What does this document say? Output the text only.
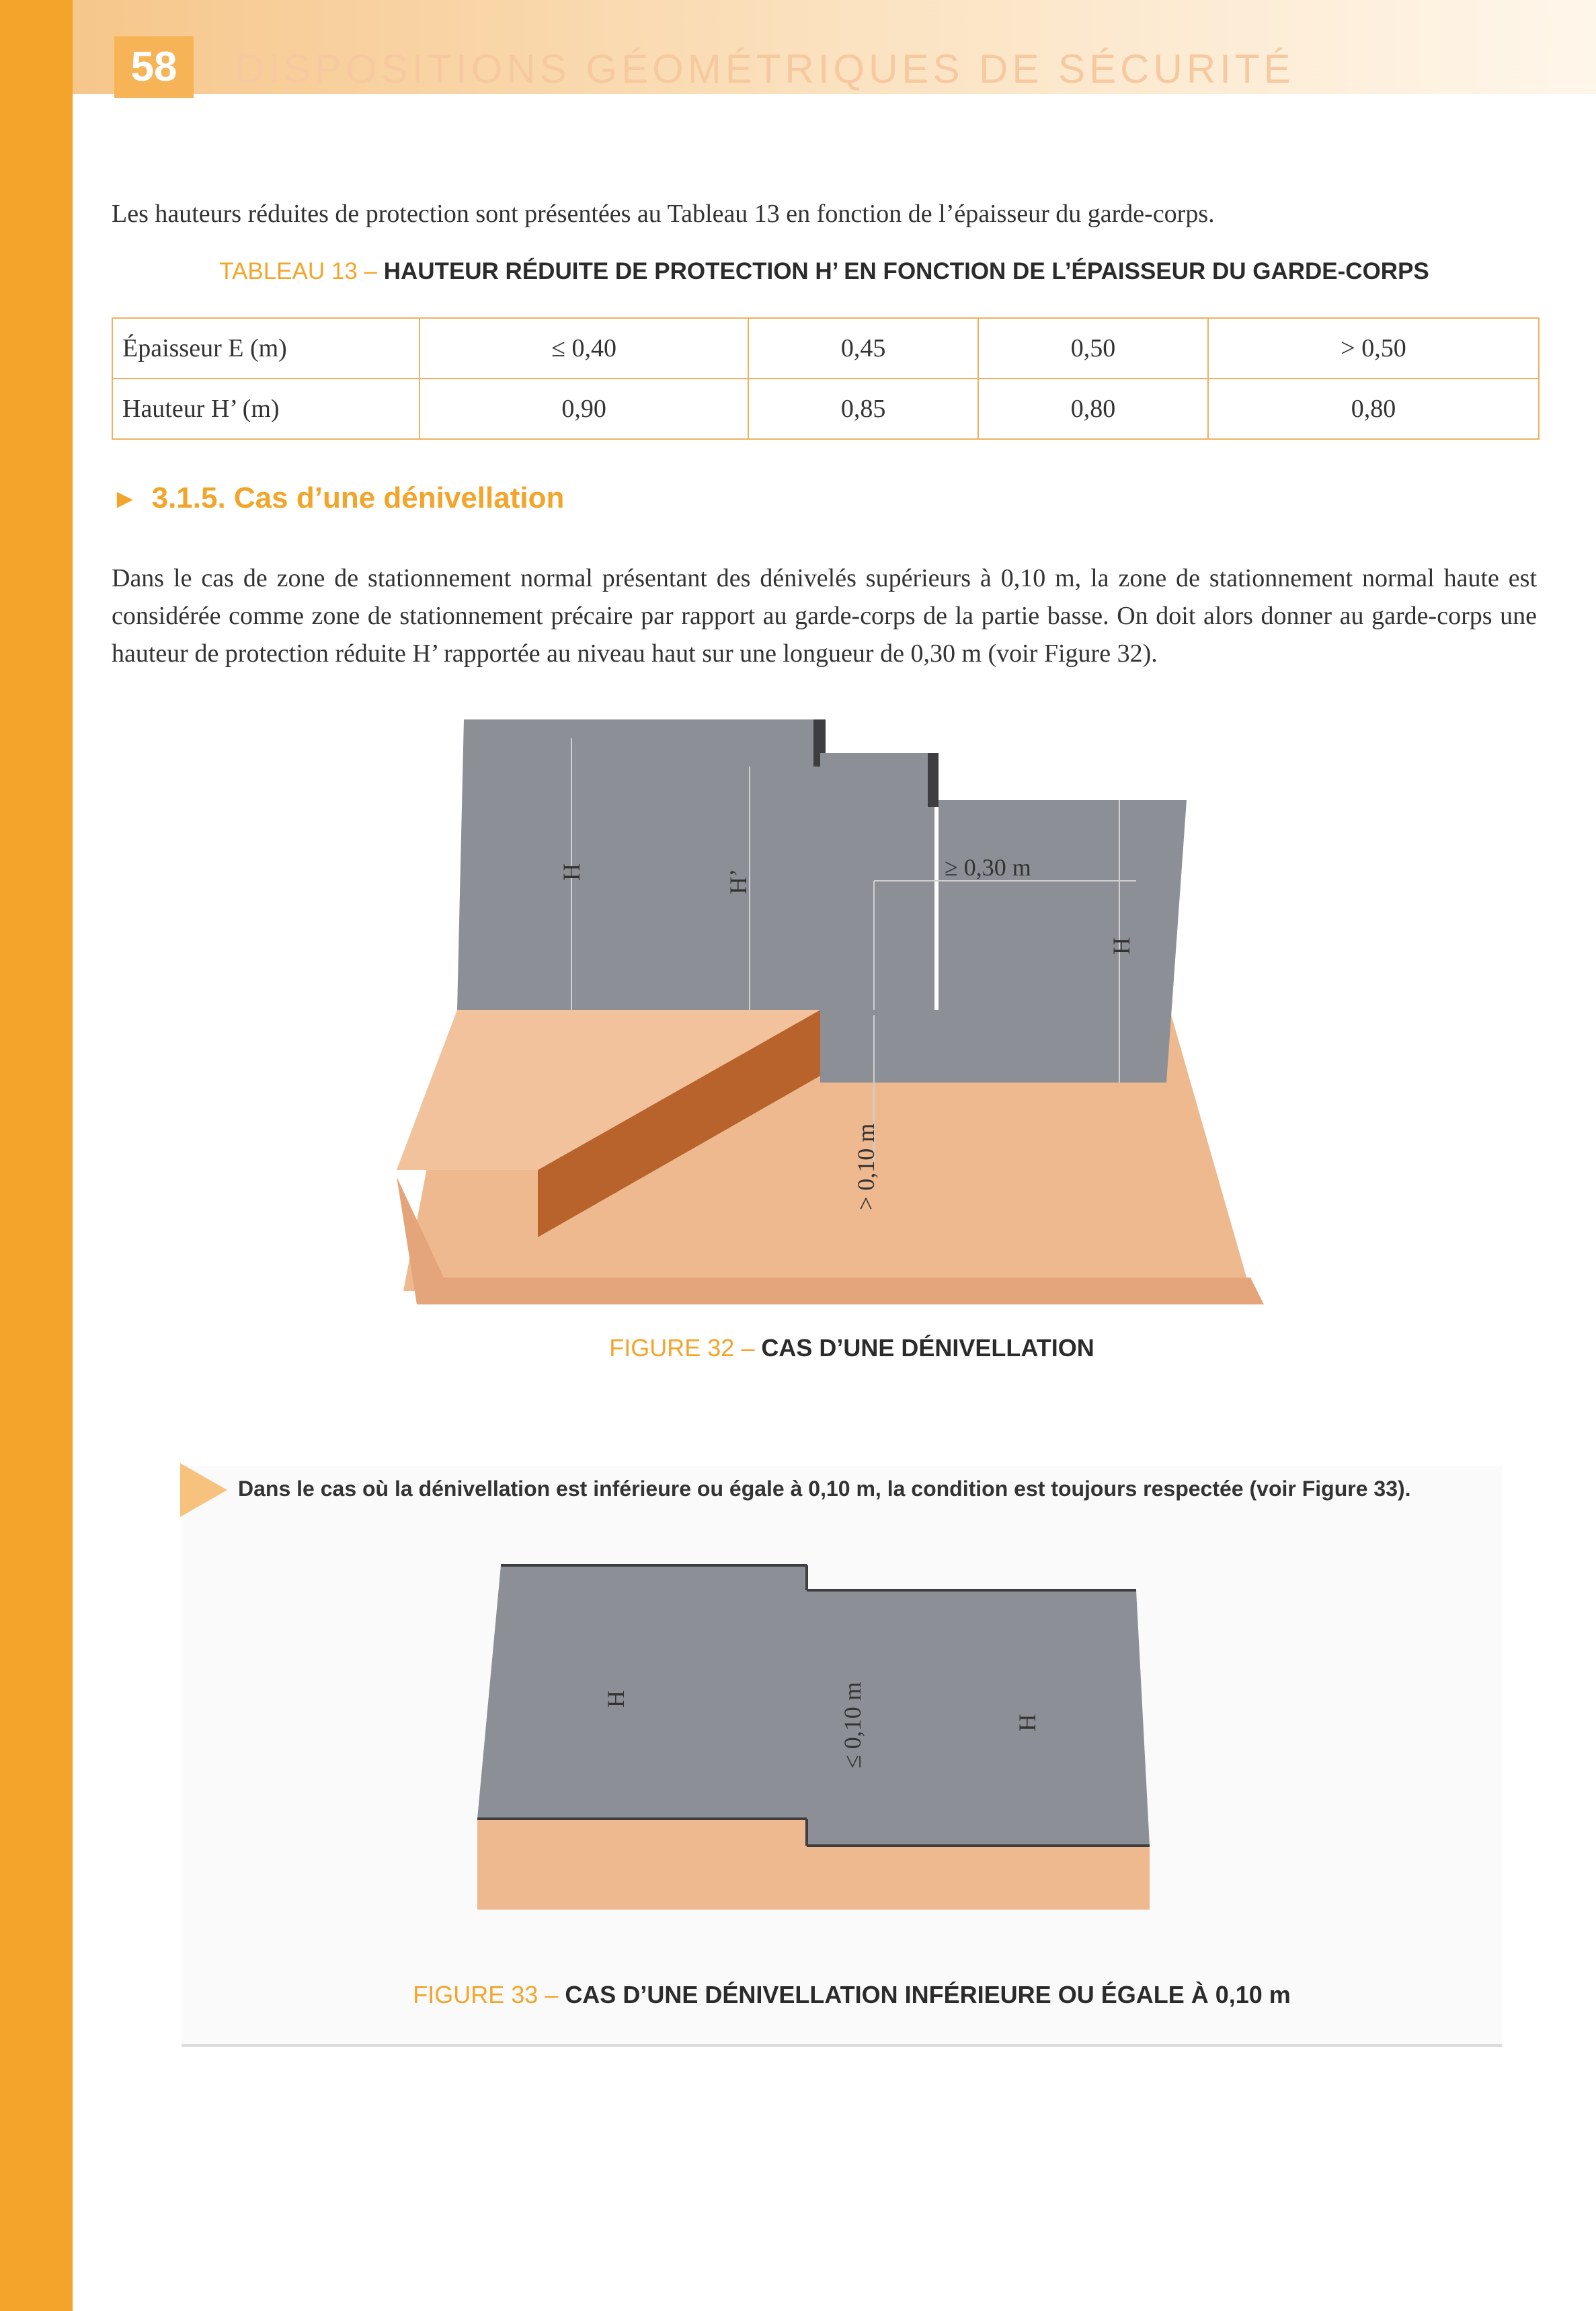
58	DISPOSITIONS GÉOMÉTRIQUES DE SÉCURITÉ
Les hauteurs réduites de protection sont présentées au Tableau 13 en fonction de l’épaisseur du garde-corps.
TABLEAU 13 – HAUTEUR RÉDUITE DE PROTECTION H’ EN FONCTION DE L’ÉPAISSEUR DU GARDE-CORPS
Épaisseur E (m)	≤ 0,40	0,45	0,50	> 0,50
Hauteur H’ (m)	0,90	0,85	0,80	0,80
► 3.1.5. Cas d’une dénivellation
Dans le cas de zone de stationnement normal présentant des dénivelés supérieurs à 0,10 m, la zone de stationnement normal haute est considérée comme zone de stationnement précaire par rapport au garde-corps de la partie basse. On doit alors donner au garde-corps une hauteur de protection réduite H’ rapportée au niveau haut sur une longueur de 0,30 m (voir Figure 32).
H	H’
≥ 0,30 m
H
> 0,10 m
FIGURE 32 – CAS D’UNE DÉNIVELLATION
Dans le cas où la dénivellation est inférieure ou égale à 0,10 m, la condition est toujours respectée (voir Figure 33).
H	≤ 0,10 m	H
FIGURE 33 – CAS D’UNE DÉNIVELLATION INFÉRIEURE OU ÉGALE À 0,10 m
